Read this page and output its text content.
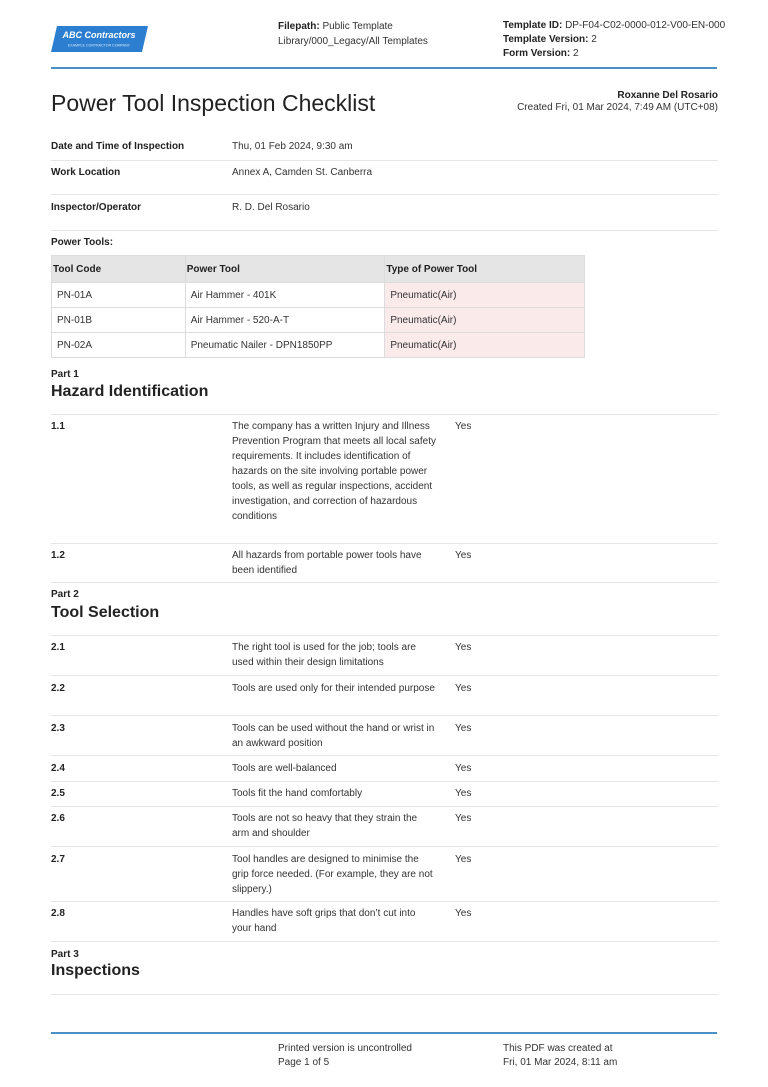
ABC Contractors
EXAMPLE CONTRACTOR COMPANY
Filepath: Public Template Library/000_Legacy/All Templates
Template ID: DP-F04-C02-0000-012-V00-EN-000
Template Version: 2
Form Version: 2
Power Tool Inspection Checklist	Roxanne Del Rosario
Created Fri, 01 Mar 2024, 7:49 AM (UTC+08)
Date and Time of Inspection	Thu, 01 Feb 2024, 9:30 am
Work Location	Annex A, Camden St. Canberra
Inspector/Operator	R. D. Del Rosario
Power Tools:
Tool Code	Power Tool	Type of Power Tool
PN-01A	Air Hammer - 401K	Pneumatic(Air)
PN-01B	Air Hammer - 520-A-T	Pneumatic(Air)
PN-02A	Pneumatic Nailer - DPN1850PP	Pneumatic(Air)
Part 1
Hazard Identification
1.1	The company has a written Injury and Illness Prevention Program that meets all local safety requirements. It includes identification of hazards on the site involving portable power tools, as well as regular inspections, accident investigation, and correction of hazardous conditions
Yes
1.2	All hazards from portable power tools have been identified
Yes
Part 2
Tool Selection
2.1	The right tool is used for the job; tools are used within their design limitations
Yes
2.2	Tools are used only for their intended purpose Yes
2.3	Tools can be used without the hand or wrist in an awkward position
Yes
2.4	Tools are well-balanced	Yes
2.5	Tools fit the hand comfortably	Yes
2.6	Tools are not so heavy that they strain the arm and shoulder
Yes
2.7	Tool handles are designed to minimise the grip force needed. (For example, they are not slippery.)
Yes
2.8	Handles have soft grips that don’t cut into your hand
Yes
Part 3
Inspections
Printed version is uncontrolled
Page 1 of 5
This PDF was created at
Fri, 01 Mar 2024, 8:11 am
